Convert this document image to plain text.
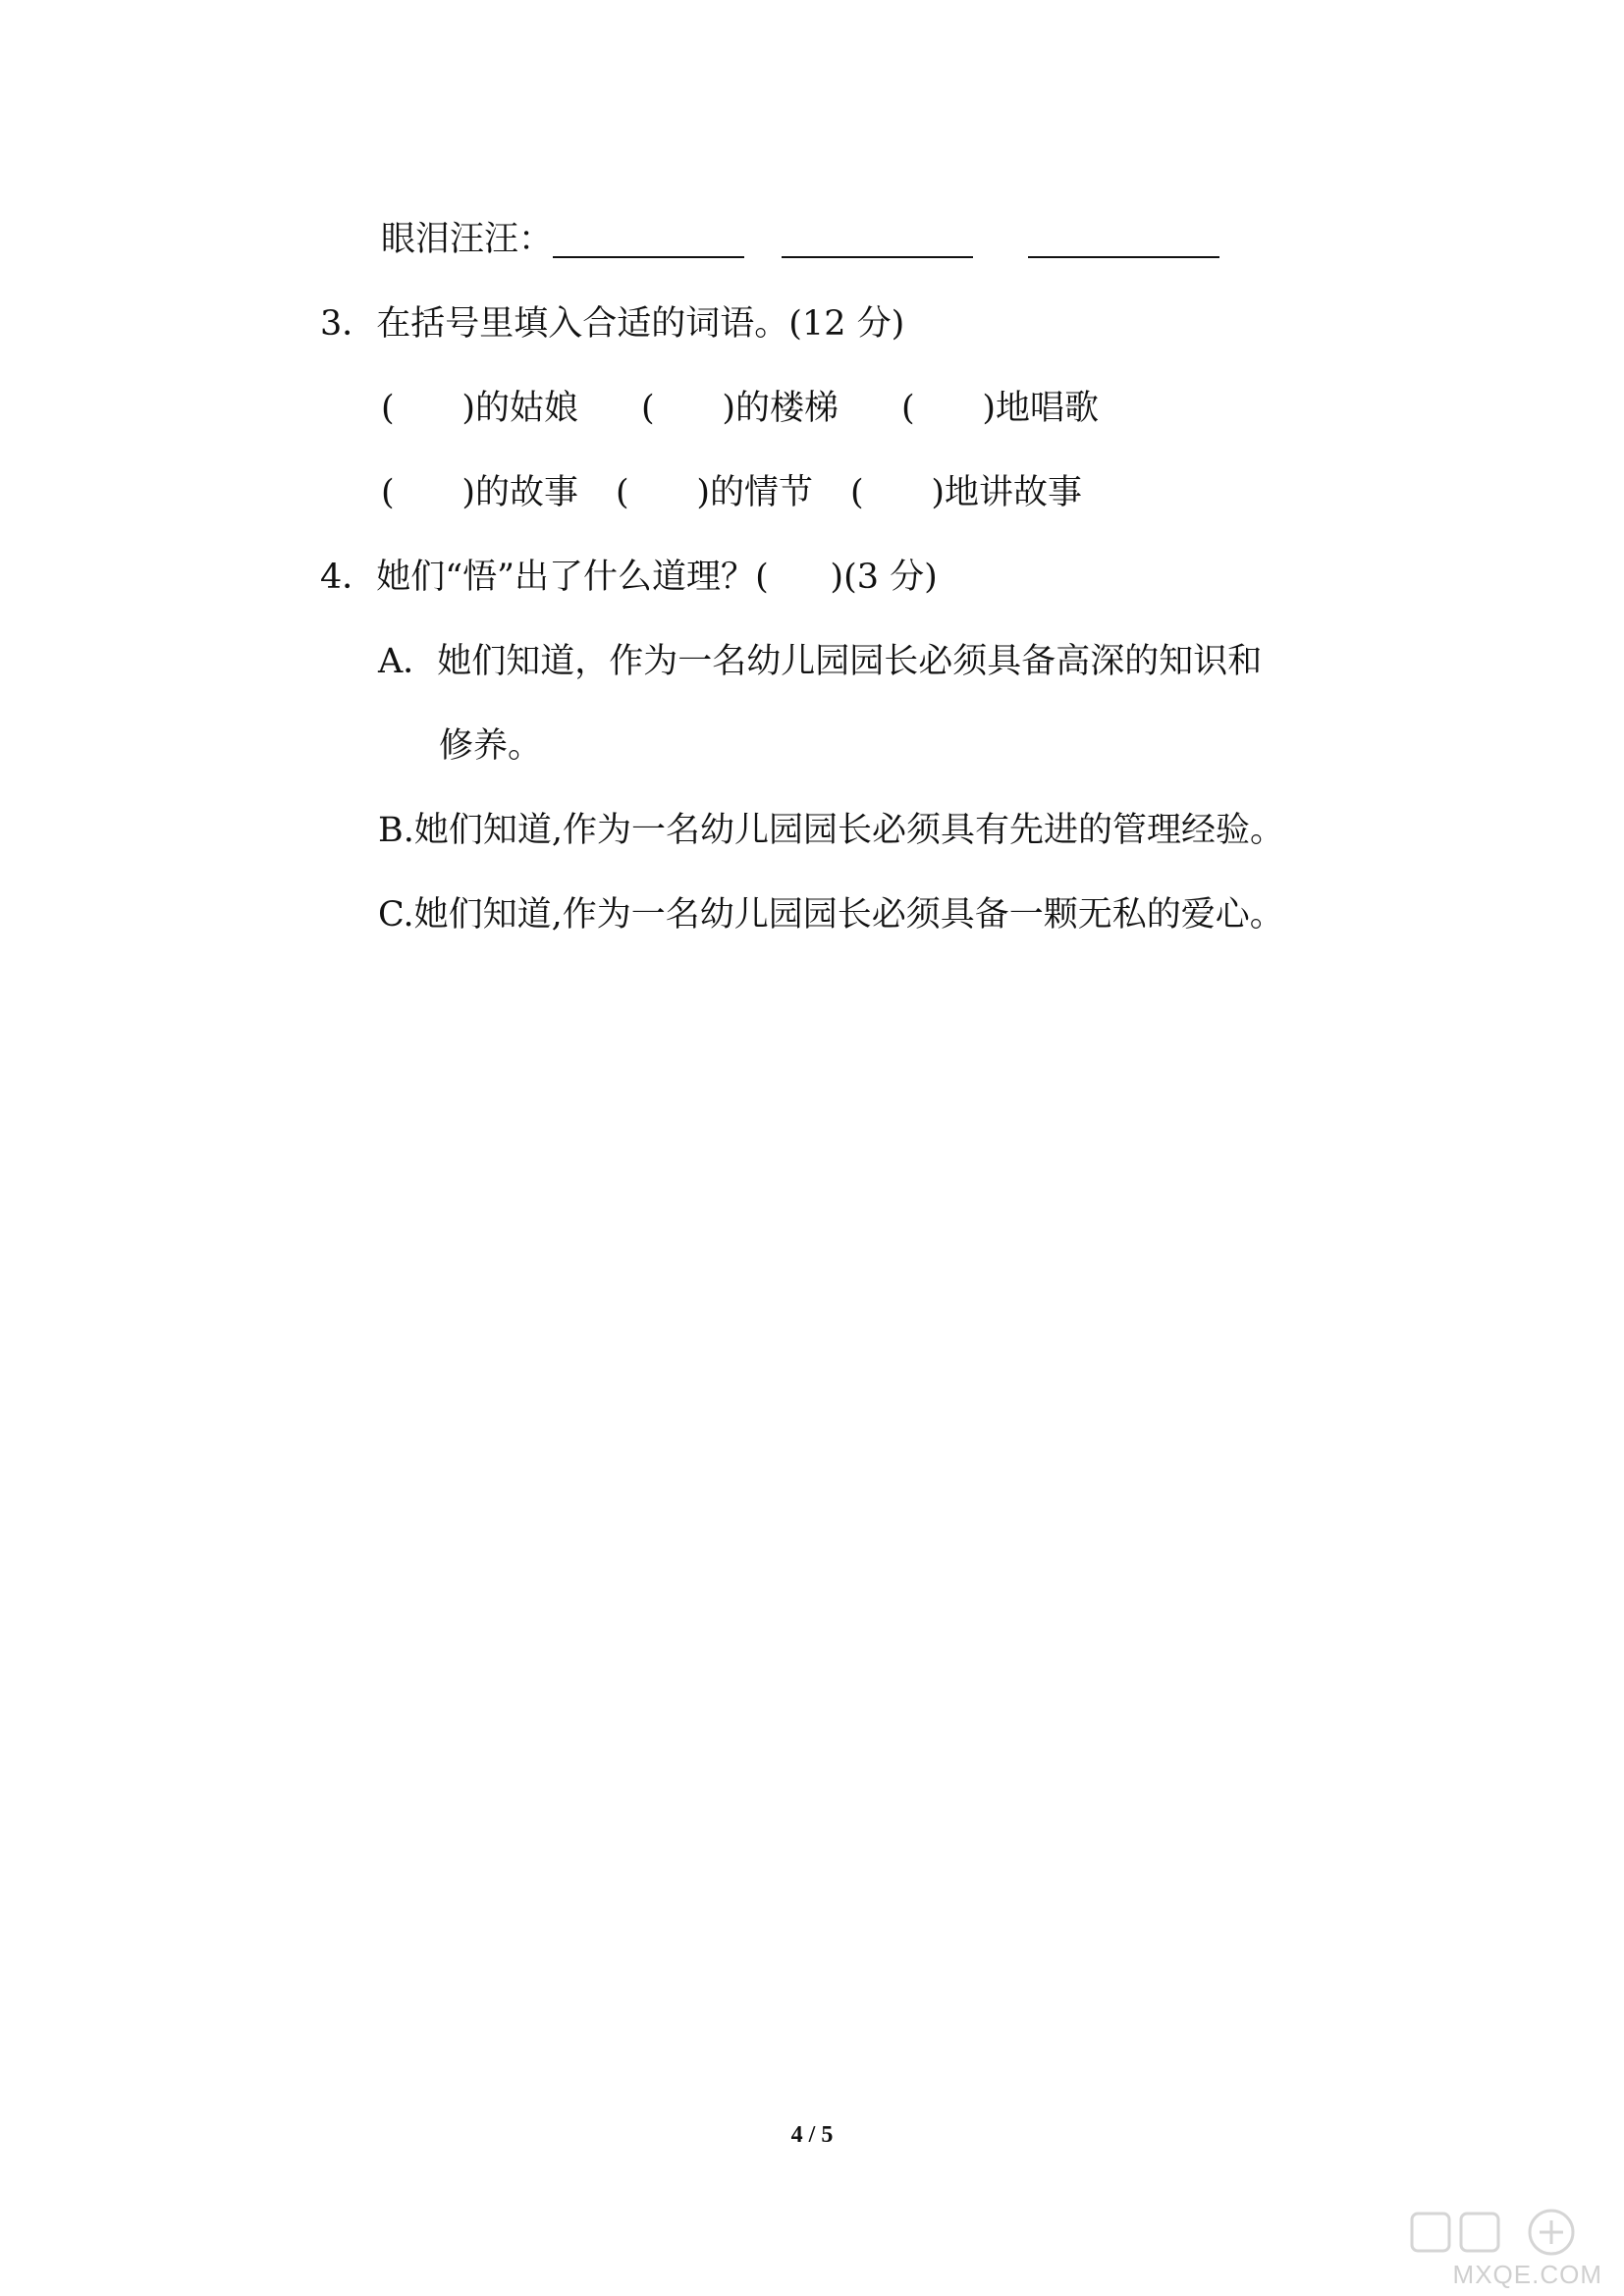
眼泪汪汪：
3．在括号里填入合适的词语。(12 分)
( ) 的姑娘 ( ) 的楼梯 ( ) 地唱歌
( ) 的故事 ( ) 的情节 ( ) 地讲故事
4．她们“悟”出了什么道理？ ( ) (3 分)
A．她们知道，作为一名幼儿园园长必须具备高深的知识和
修养。
B.她们知道,作为一名幼儿园园长必须具有先进的管理经验。
C.她们知道,作为一名幼儿园园长必须具备一颗无私的爱心。
4 / 5
MXQE.COM
